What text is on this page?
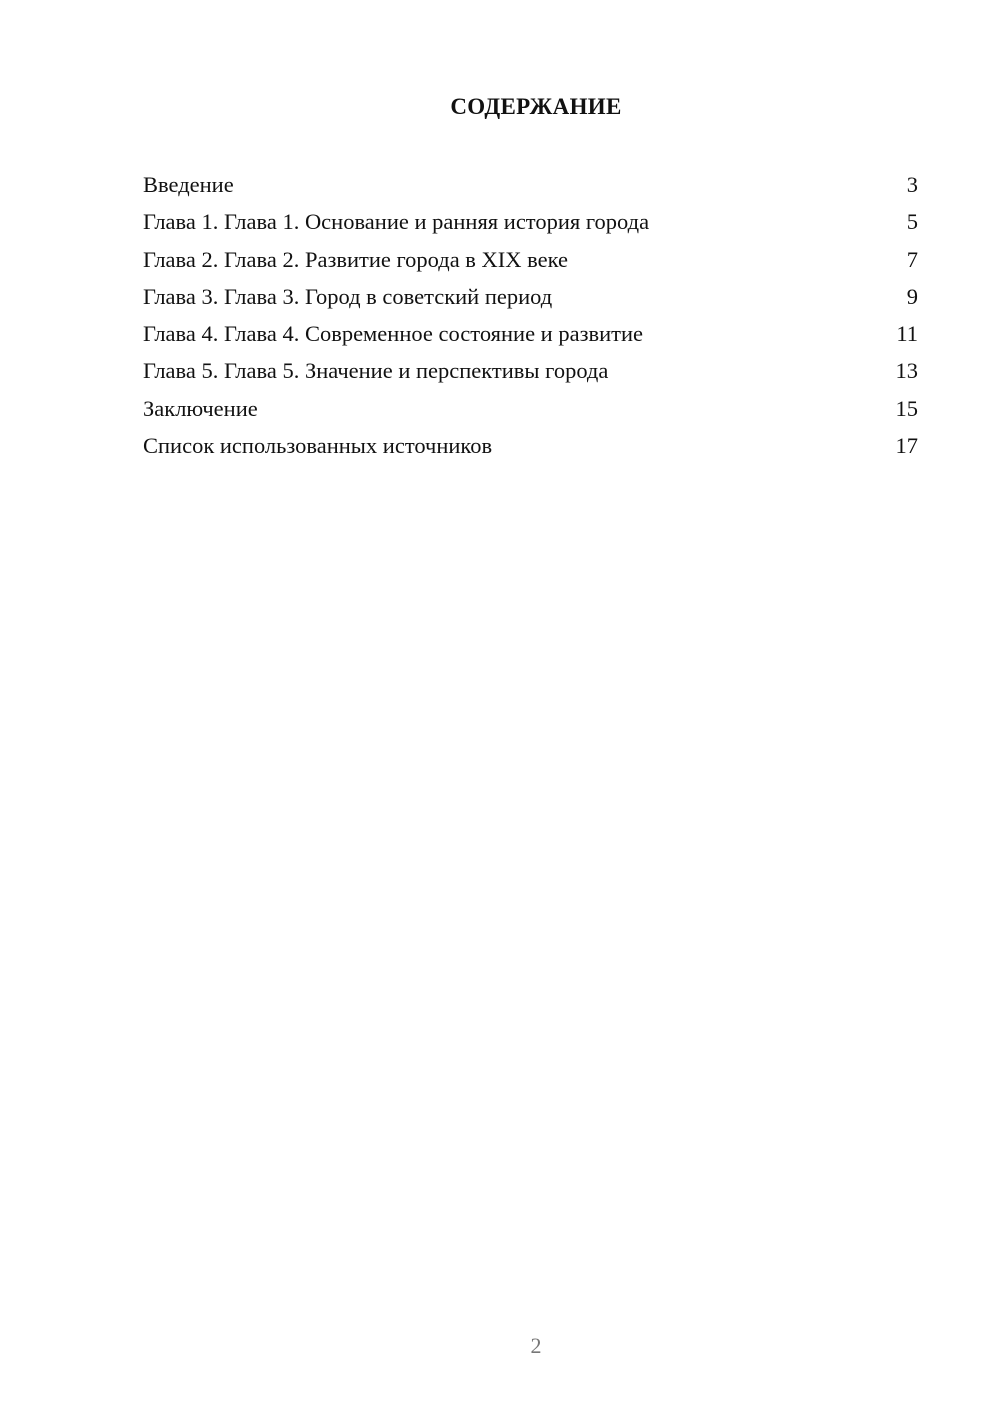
СОДЕРЖАНИЕ
Введение	3
Глава 1. Глава 1. Основание и ранняя история города	5
Глава 2. Глава 2. Развитие города в XIX веке	7
Глава 3. Глава 3. Город в советский период	9
Глава 4. Глава 4. Современное состояние и развитие	11
Глава 5. Глава 5. Значение и перспективы города	13
Заключение	15
Список использованных источников	17
2
